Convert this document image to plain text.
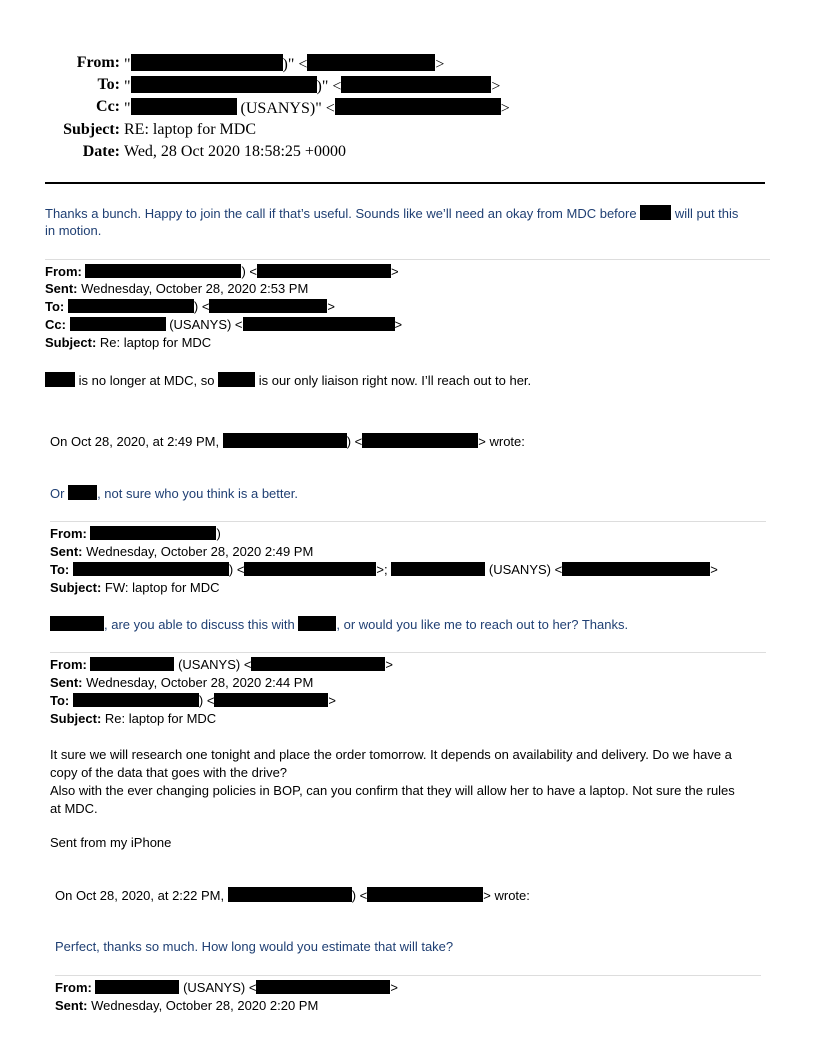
From: "	)" <	>
To: "	)" <	>
Cc: "	(USANYS)" <	>
Subject: RE: laptop for MDC
Date: Wed, 28 Oct 2020 18:58:25 +0000
Thanks a bunch. Happy to join the call if that’s useful. Sounds like we’ll need an okay from MDC before	will put this
in motion.
From:	) <	>
Sent: Wednesday, October 28, 2020 2:53 PM
To:	) <	>
Cc:	(USANYS) <	>
Subject: Re: laptop for MDC
is no longer at MDC, so	is our only liaison right now. I’ll reach out to her.
On Oct 28, 2020, at 2:49 PM,	) <	> wrote:
Or	, not sure who you think is a better.
From:	)
Sent: Wednesday, October 28, 2020 2:49 PM
To:	) <	>;	(USANYS) <	>
Subject: FW: laptop for MDC
, are you able to discuss this with	, or would you like me to reach out to her? Thanks.
From:	(USANYS) <	>
Sent: Wednesday, October 28, 2020 2:44 PM
To:	) <	>
Subject: Re: laptop for MDC
It sure we will research one tonight and place the order tomorrow. It depends on availability and delivery. Do we have a
copy of the data that goes with the drive?
Also with the ever changing policies in BOP, can you confirm that they will allow her to have a laptop. Not sure the rules
at MDC.
Sent from my iPhone
On Oct 28, 2020, at 2:22 PM,	) <	> wrote:
Perfect, thanks so much. How long would you estimate that will take?
From:	(USANYS) <	>
Sent: Wednesday, October 28, 2020 2:20 PM
